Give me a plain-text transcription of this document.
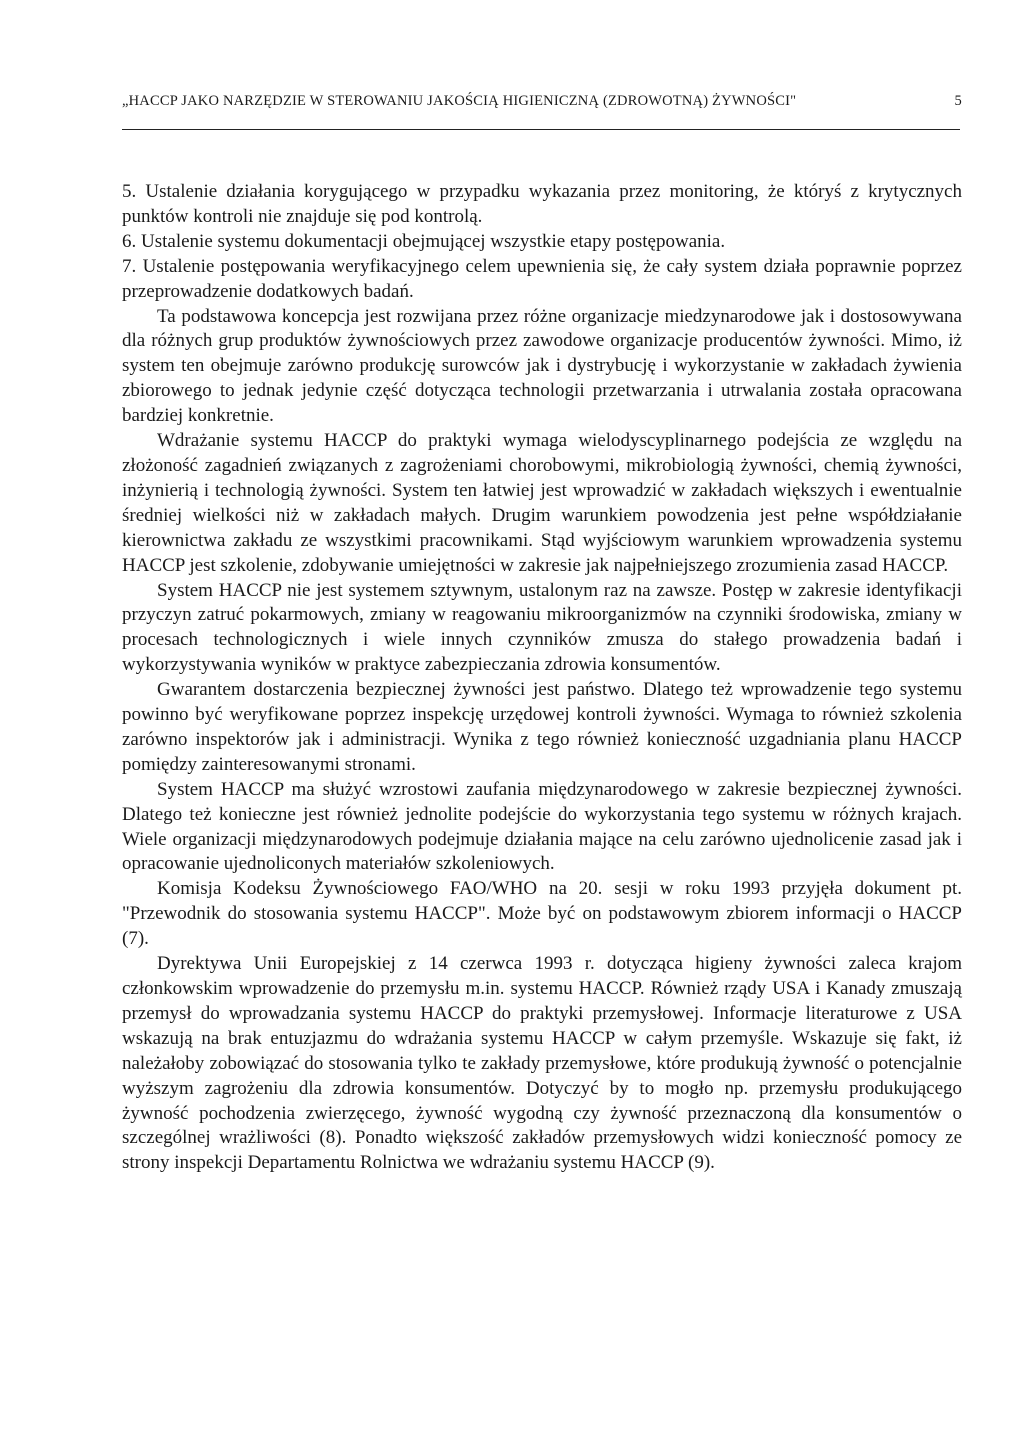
„HACCP JAKO NARZĘDZIE W STEROWANIU JAKOŚCIĄ HIGIENICZNĄ (ZDROWOTNĄ) ŻYWNOŚCI"	5

5. Ustalenie działania korygującego w przypadku wykazania przez monitoring, że któryś z krytycznych punktów kontroli nie znajduje się pod kontrolą.

6. Ustalenie systemu dokumentacji obejmującej wszystkie etapy postępowania.

7. Ustalenie postępowania weryfikacyjnego celem upewnienia się, że cały system działa poprawnie poprzez przeprowadzenie dodatkowych badań.

Ta podstawowa koncepcja jest rozwijana przez różne organizacje miedzynarodowe jak i dostosowywana dla różnych grup produktów żywnościowych przez zawodowe organizacje producentów żywności. Mimo, iż system ten obejmuje zarówno produkcję surowców jak i dystrybucję i wykorzystanie w zakładach żywienia zbiorowego to jednak jedynie część dotycząca technologii przetwarzania i utrwalania została opracowana bardziej konkretnie.

Wdrażanie systemu HACCP do praktyki wymaga wielodyscyplinarnego podejścia ze względu na złożoność zagadnień związanych z zagrożeniami chorobowymi, mikrobiologią żywności, chemią żywności, inżynierią i technologią żywności. System ten łatwiej jest wprowadzić w zakładach większych i ewentualnie średniej wielkości niż w zakładach małych. Drugim warunkiem powodzenia jest pełne współdziałanie kierownictwa zakładu ze wszystkimi pracownikami. Stąd wyjściowym warunkiem wprowadzenia systemu HACCP jest szkolenie, zdobywanie umiejętności w zakresie jak najpełniejszego zrozumienia zasad HACCP.

System HACCP nie jest systemem sztywnym, ustalonym raz na zawsze. Postęp w zakresie identyfikacji przyczyn zatruć pokarmowych, zmiany w reagowaniu mikroorganizmów na czynniki środowiska, zmiany w procesach technologicznych i wiele innych czynników zmusza do stałego prowadzenia badań i wykorzystywania wyników w praktyce zabezpieczania zdrowia konsumentów.

Gwarantem dostarczenia bezpiecznej żywności jest państwo. Dlatego też wprowadzenie tego systemu powinno być weryfikowane poprzez inspekcję urzędowej kontroli żywności. Wymaga to również szkolenia zarówno inspektorów jak i administracji. Wynika z tego również konieczność uzgadniania planu HACCP pomiędzy zainteresowanymi stronami.

System HACCP ma służyć wzrostowi zaufania międzynarodowego w zakresie bezpiecznej żywności. Dlatego też konieczne jest również jednolite podejście do wykorzystania tego systemu w różnych krajach. Wiele organizacji międzynarodowych podejmuje działania mające na celu zarówno ujednolicenie zasad jak i opracowanie ujednoliconych materiałów szkoleniowych.

Komisja Kodeksu Żywnościowego FAO/WHO na 20. sesji w roku 1993 przyjęła dokument pt. "Przewodnik do stosowania systemu HACCP". Może być on podstawowym zbiorem informacji o HACCP (7).

Dyrektywa Unii Europejskiej z 14 czerwca 1993 r. dotycząca higieny żywności zaleca krajom członkowskim wprowadzenie do przemysłu m.in. systemu HACCP. Również rządy USA i Kanady zmuszają przemysł do wprowadzania systemu HACCP do praktyki przemysłowej. Informacje literaturowe z USA wskazują na brak entuzjazmu do wdrażania systemu HACCP w całym przemyśle. Wskazuje się fakt, iż należałoby zobowiązać do stosowania tylko te zakłady przemysłowe, które produkują żywność o potencjalnie wyższym zagrożeniu dla zdrowia konsumentów. Dotyczyć by to mogło np. przemysłu produkującego żywność pochodzenia zwierzęcego, żywność wygodną czy żywność przeznaczoną dla konsumentów o szczególnej wrażliwości (8). Ponadto większość zakładów przemysłowych widzi konieczność pomocy ze strony inspekcji Departamentu Rolnictwa we wdrażaniu systemu HACCP (9).
